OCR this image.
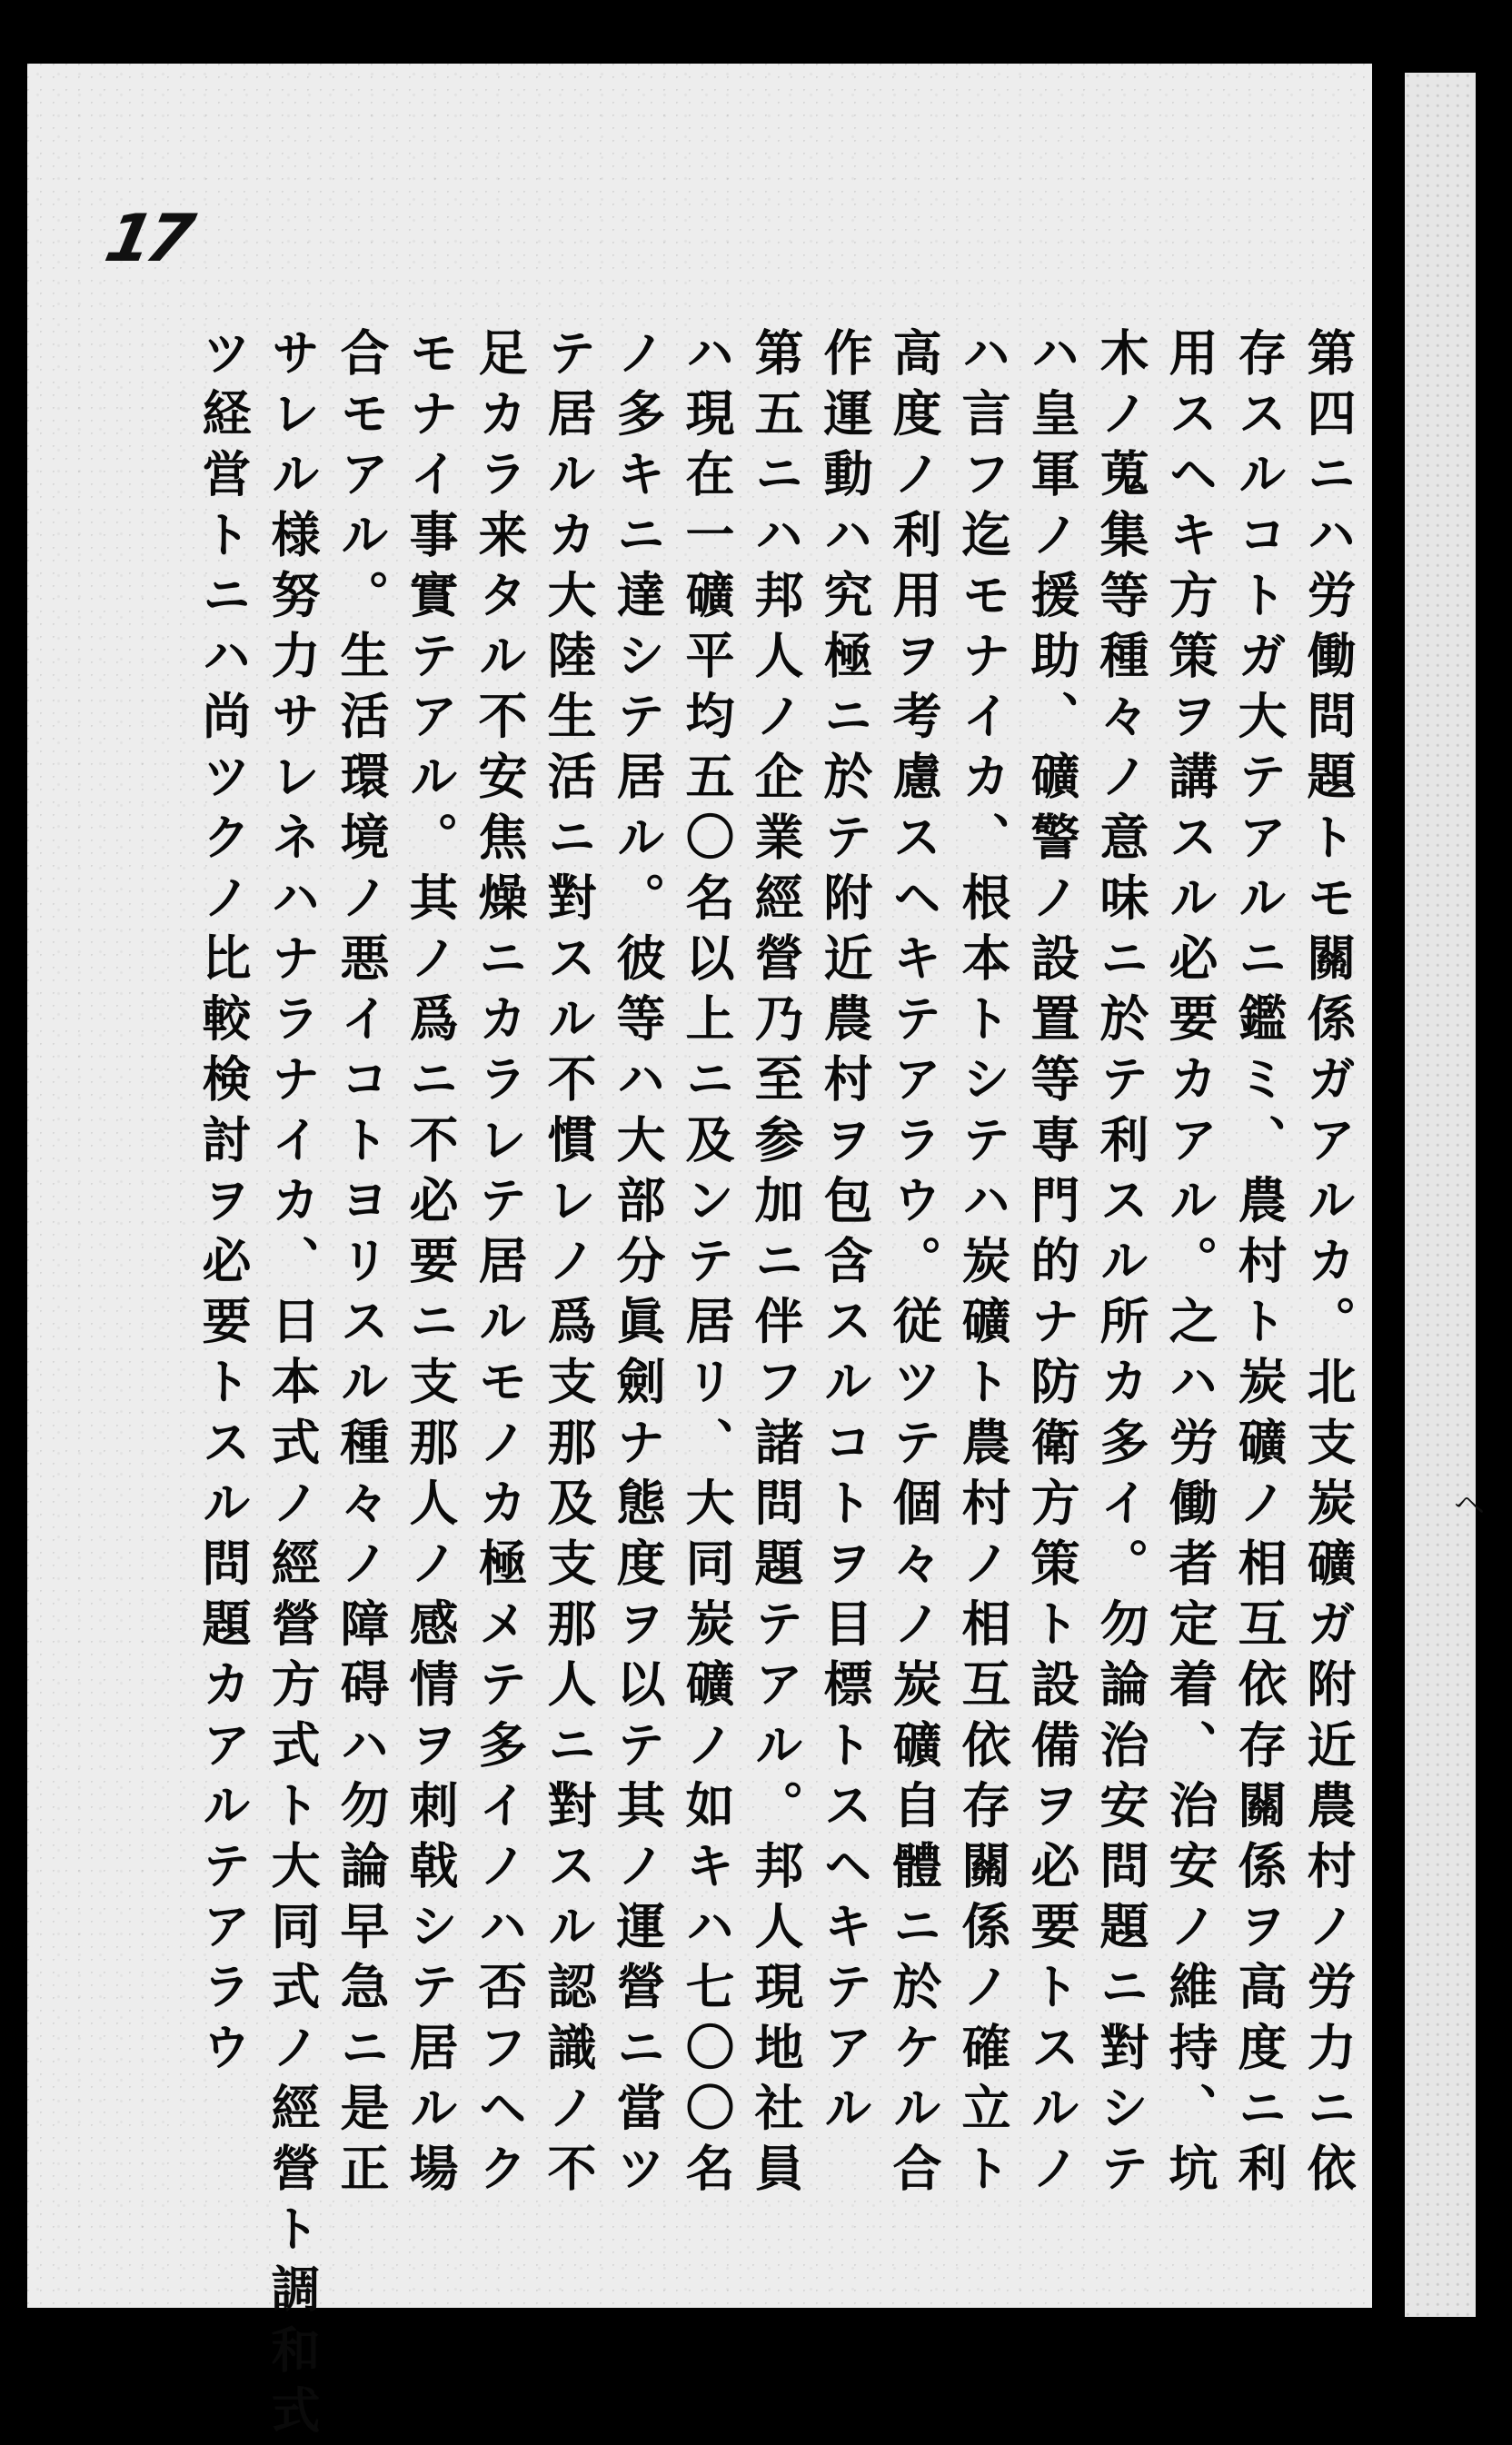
ヘ
17
第四ニハ労働問題トモ關係ガアルカ。北支炭礦ガ附近農村ノ労力ニ依
存スルコトガ大テアルニ鑑ミ、農村ト炭礦ノ相互依存關係ヲ高度ニ利
用スヘキ方策ヲ講スル必要カアル。之ハ労働者定着、治安ノ維持、坑
木ノ蒐集等種々ノ意味ニ於テ利スル所カ多イ。勿論治安問題ニ對シテ
ハ皇軍ノ援助、礦警ノ設置等専門的ナ防衛方策ト設備ヲ必要トスルノ
ハ言フ迄モナイカ、根本トシテハ炭礦ト農村ノ相互依存關係ノ確立ト
高度ノ利用ヲ考慮スヘキテアラウ。従ツテ個々ノ炭礦自體ニ於ケル合
作運動ハ究極ニ於テ附近農村ヲ包含スルコトヲ目標トスヘキテアル
第五ニハ邦人ノ企業經營乃至参加ニ伴フ諸問題テアル。邦人現地社員
ハ現在一礦平均五〇名以上ニ及ンテ居リ、大同炭礦ノ如キハ七〇〇名
ノ多キニ達シテ居ル。彼等ハ大部分眞劍ナ態度ヲ以テ其ノ運營ニ當ツ
テ居ルカ大陸生活ニ對スル不慣レノ爲支那及支那人ニ對スル認識ノ不
足カラ来タル不安焦燥ニカラレテ居ルモノカ極メテ多イノハ否フヘク
モナイ事實テアル。其ノ爲ニ不必要ニ支那人ノ感情ヲ刺戟シテ居ル場
合モアル。生活環境ノ悪イコトヨリスル種々ノ障碍ハ勿論早急ニ是正
サレル様努力サレネハナラナイカ、日本式ノ經營方式ト大同式ノ經營ト調和式
ツ経営トニハ尚ツクノ比較検討ヲ必要トスル問題カアルテアラウ
